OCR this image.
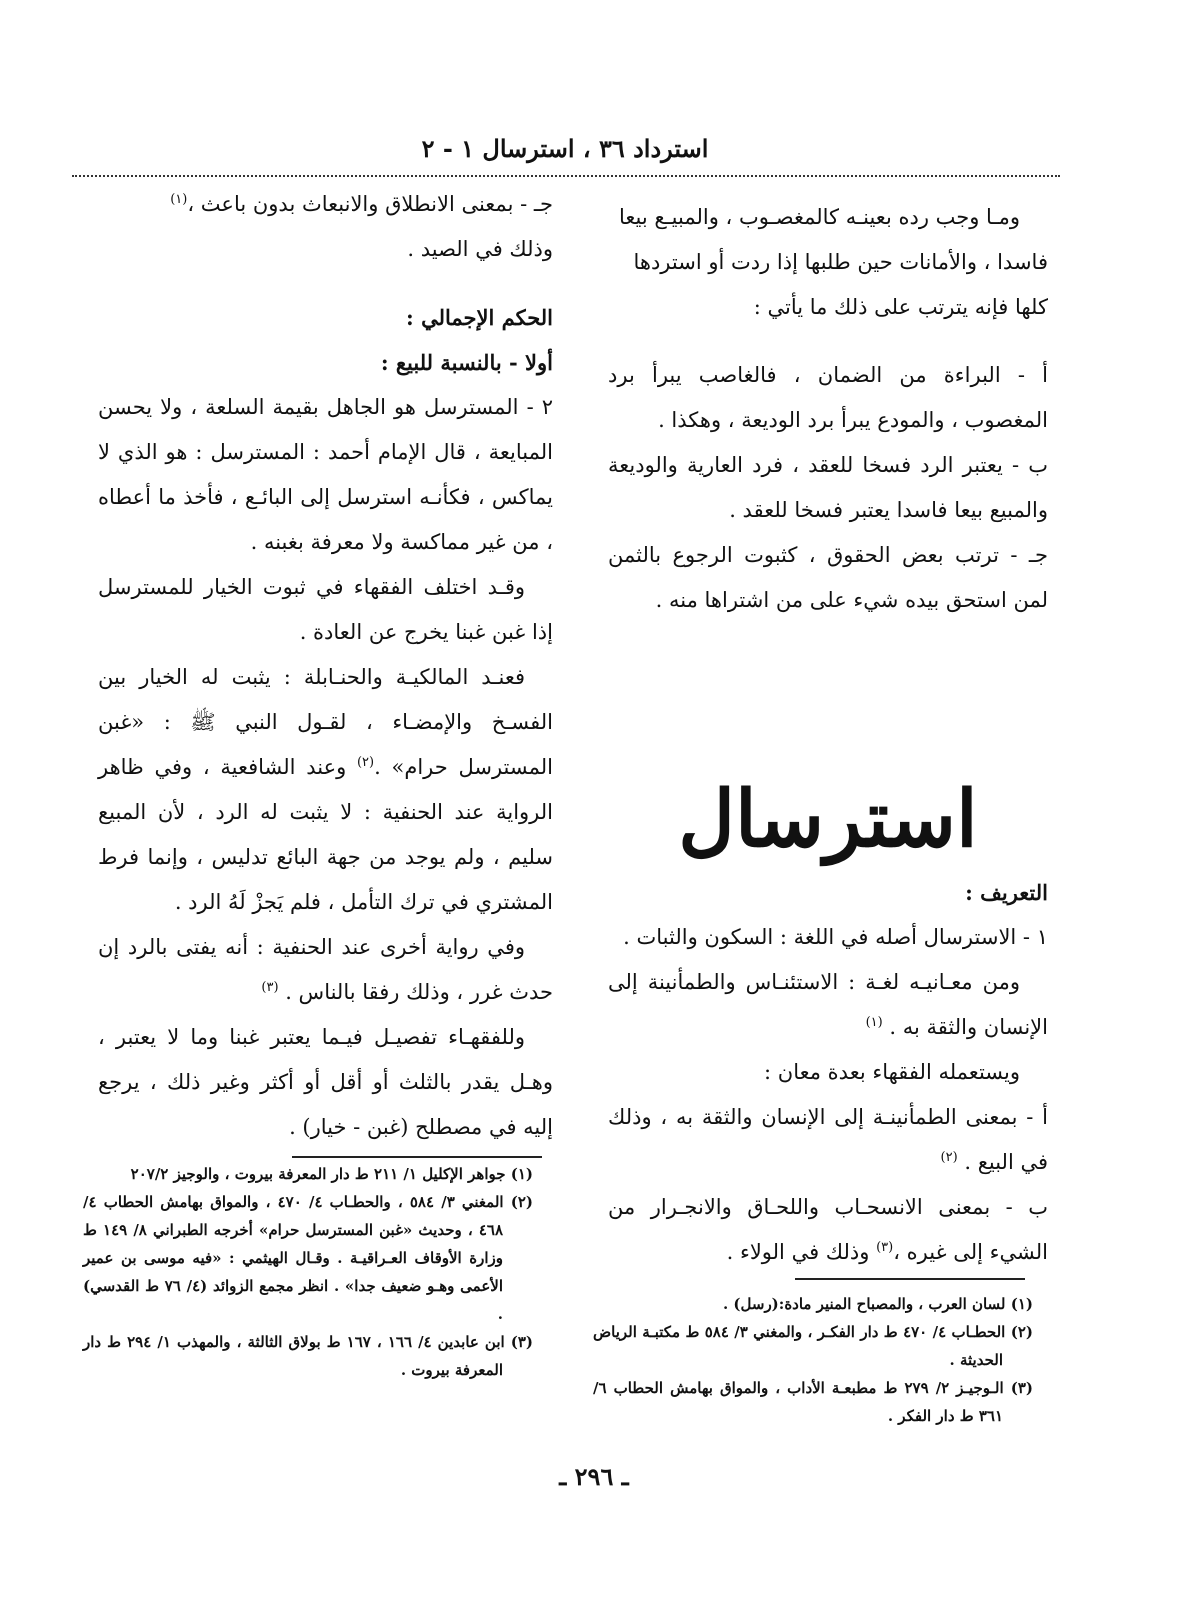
استرداد ٣٦ ، استرسال ١ - ٢

ومـا وجب رده بعينـه كالمغصـوب ، والمبيـع بيعا

فاسدا ، والأمانات حين طلبها إذا ردت أو استردها

كلها فإنه يترتب على ذلك ما يأتي :

أ - البراءة من الضمان ، فالغاصب يبرأ برد المغصوب ، والمودع يبرأ برد الوديعة ، وهكذا .

ب - يعتبر الرد فسخا للعقد ، فرد العارية والوديعة والمبيع بيعا فاسدا يعتبر فسخا للعقد .

جـ - ترتب بعض الحقوق ، كثبوت الرجوع بالثمن لمن استحق بيده شيء على من اشتراها منه .

استرسال

التعريف :

١ - الاسترسال أصله في اللغة : السكون والثبات .

ومن معـانيـه لغـة : الاستئنـاس والطمأنينة إلى الإنسان والثقة به . $^{(١)}$

ويستعمله الفقهاء بعدة معان :

أ - بمعنى الطمأنينـة إلى الإنسان والثقة به ، وذلك في البيع . $^{(٢)}$

ب - بمعنى الانسحـاب واللحـاق والانجـرار من الشيء إلى غيره ،$^{(٣)}$ وذلك في الولاء .

جـ - بمعنى الانطلاق والانبعاث بدون باعث ،$^{(١)}$

وذلك في الصيد .

الحكم الإجمالي :

أولا - بالنسبة للبيع :

٢ - المسترسل هو الجاهل بقيمة السلعة ، ولا يحسن المبايعة ، قال الإمام أحمد : المسترسل : هو الذي لا يماكس ، فكأنـه استرسل إلى البائـع ، فأخذ ما أعطاه ، من غير مماكسة ولا معرفة بغبنه .

وقـد اختلف الفقهاء في ثبوت الخيار للمسترسل إذا غبن غبنا يخرج عن العادة .

فعنـد المالكيـة والحنـابلة : يثبت له الخيار بين الفسـخ والإمضـاء ، لقـول النبي ﷺ : «غبن المسترسل حرام» .$^{(٢)}$ وعند الشافعية ، وفي ظاهر الرواية عند الحنفية : لا يثبت له الرد ، لأن المبيع سليم ، ولم يوجد من جهة البائع تدليس ، وإنما فرط المشتري في ترك التأمل ، فلم يَجزْ لَهُ الرد .

وفي رواية أخرى عند الحنفية : أنه يفتى بالرد إن حدث غرر ، وذلك رفقا بالناس . $^{(٣)}$

وللفقهـاء تفصيـل فيـما يعتبر غبنا وما لا يعتبر ، وهـل يقدر بالثلث أو أقل أو أكثر وغير ذلك ، يرجع إليه في مصطلح (غبن - خيار) .

(١) جواهر الإكليل ١/ ٢١١ ط دار المعرفة بيروت ، والوجيز ٢٠٧/٢

(٢) المغني ٣/ ٥٨٤ ، والحطـاب ٤/ ٤٧٠ ، والمواق بهامش الحطاب ٤/ ٤٦٨ ، وحديث «غبن المسترسل حرام» أخرجه الطبراني ٨/ ١٤٩ ط وزارة الأوقاف العـراقيـة . وقـال الهيثمي : «فيه موسى بن عمير الأعمى وهـو ضعيف جدا» . انظر مجمع الزوائد (٤/ ٧٦ ط القدسي) .

(٣) ابن عابدين ٤/ ١٦٦ ، ١٦٧ ط بولاق الثالثة ، والمهذب ١/ ٢٩٤ ط دار المعرفة بيروت .

(١) لسان العرب ، والمصباح المنير مادة:(رسل) .

(٢) الحطـاب ٤/ ٤٧٠ ط دار الفكـر ، والمغني ٣/ ٥٨٤ ط مكتبـة الرياض الحديثة .

(٣) الـوجيـز ٢/ ٢٧٩ ط مطبعـة الأداب ، والمواق بهامش الحطاب ٦/ ٣٦١ ط دار الفكر .

ـ ٢٩٦ ـ
